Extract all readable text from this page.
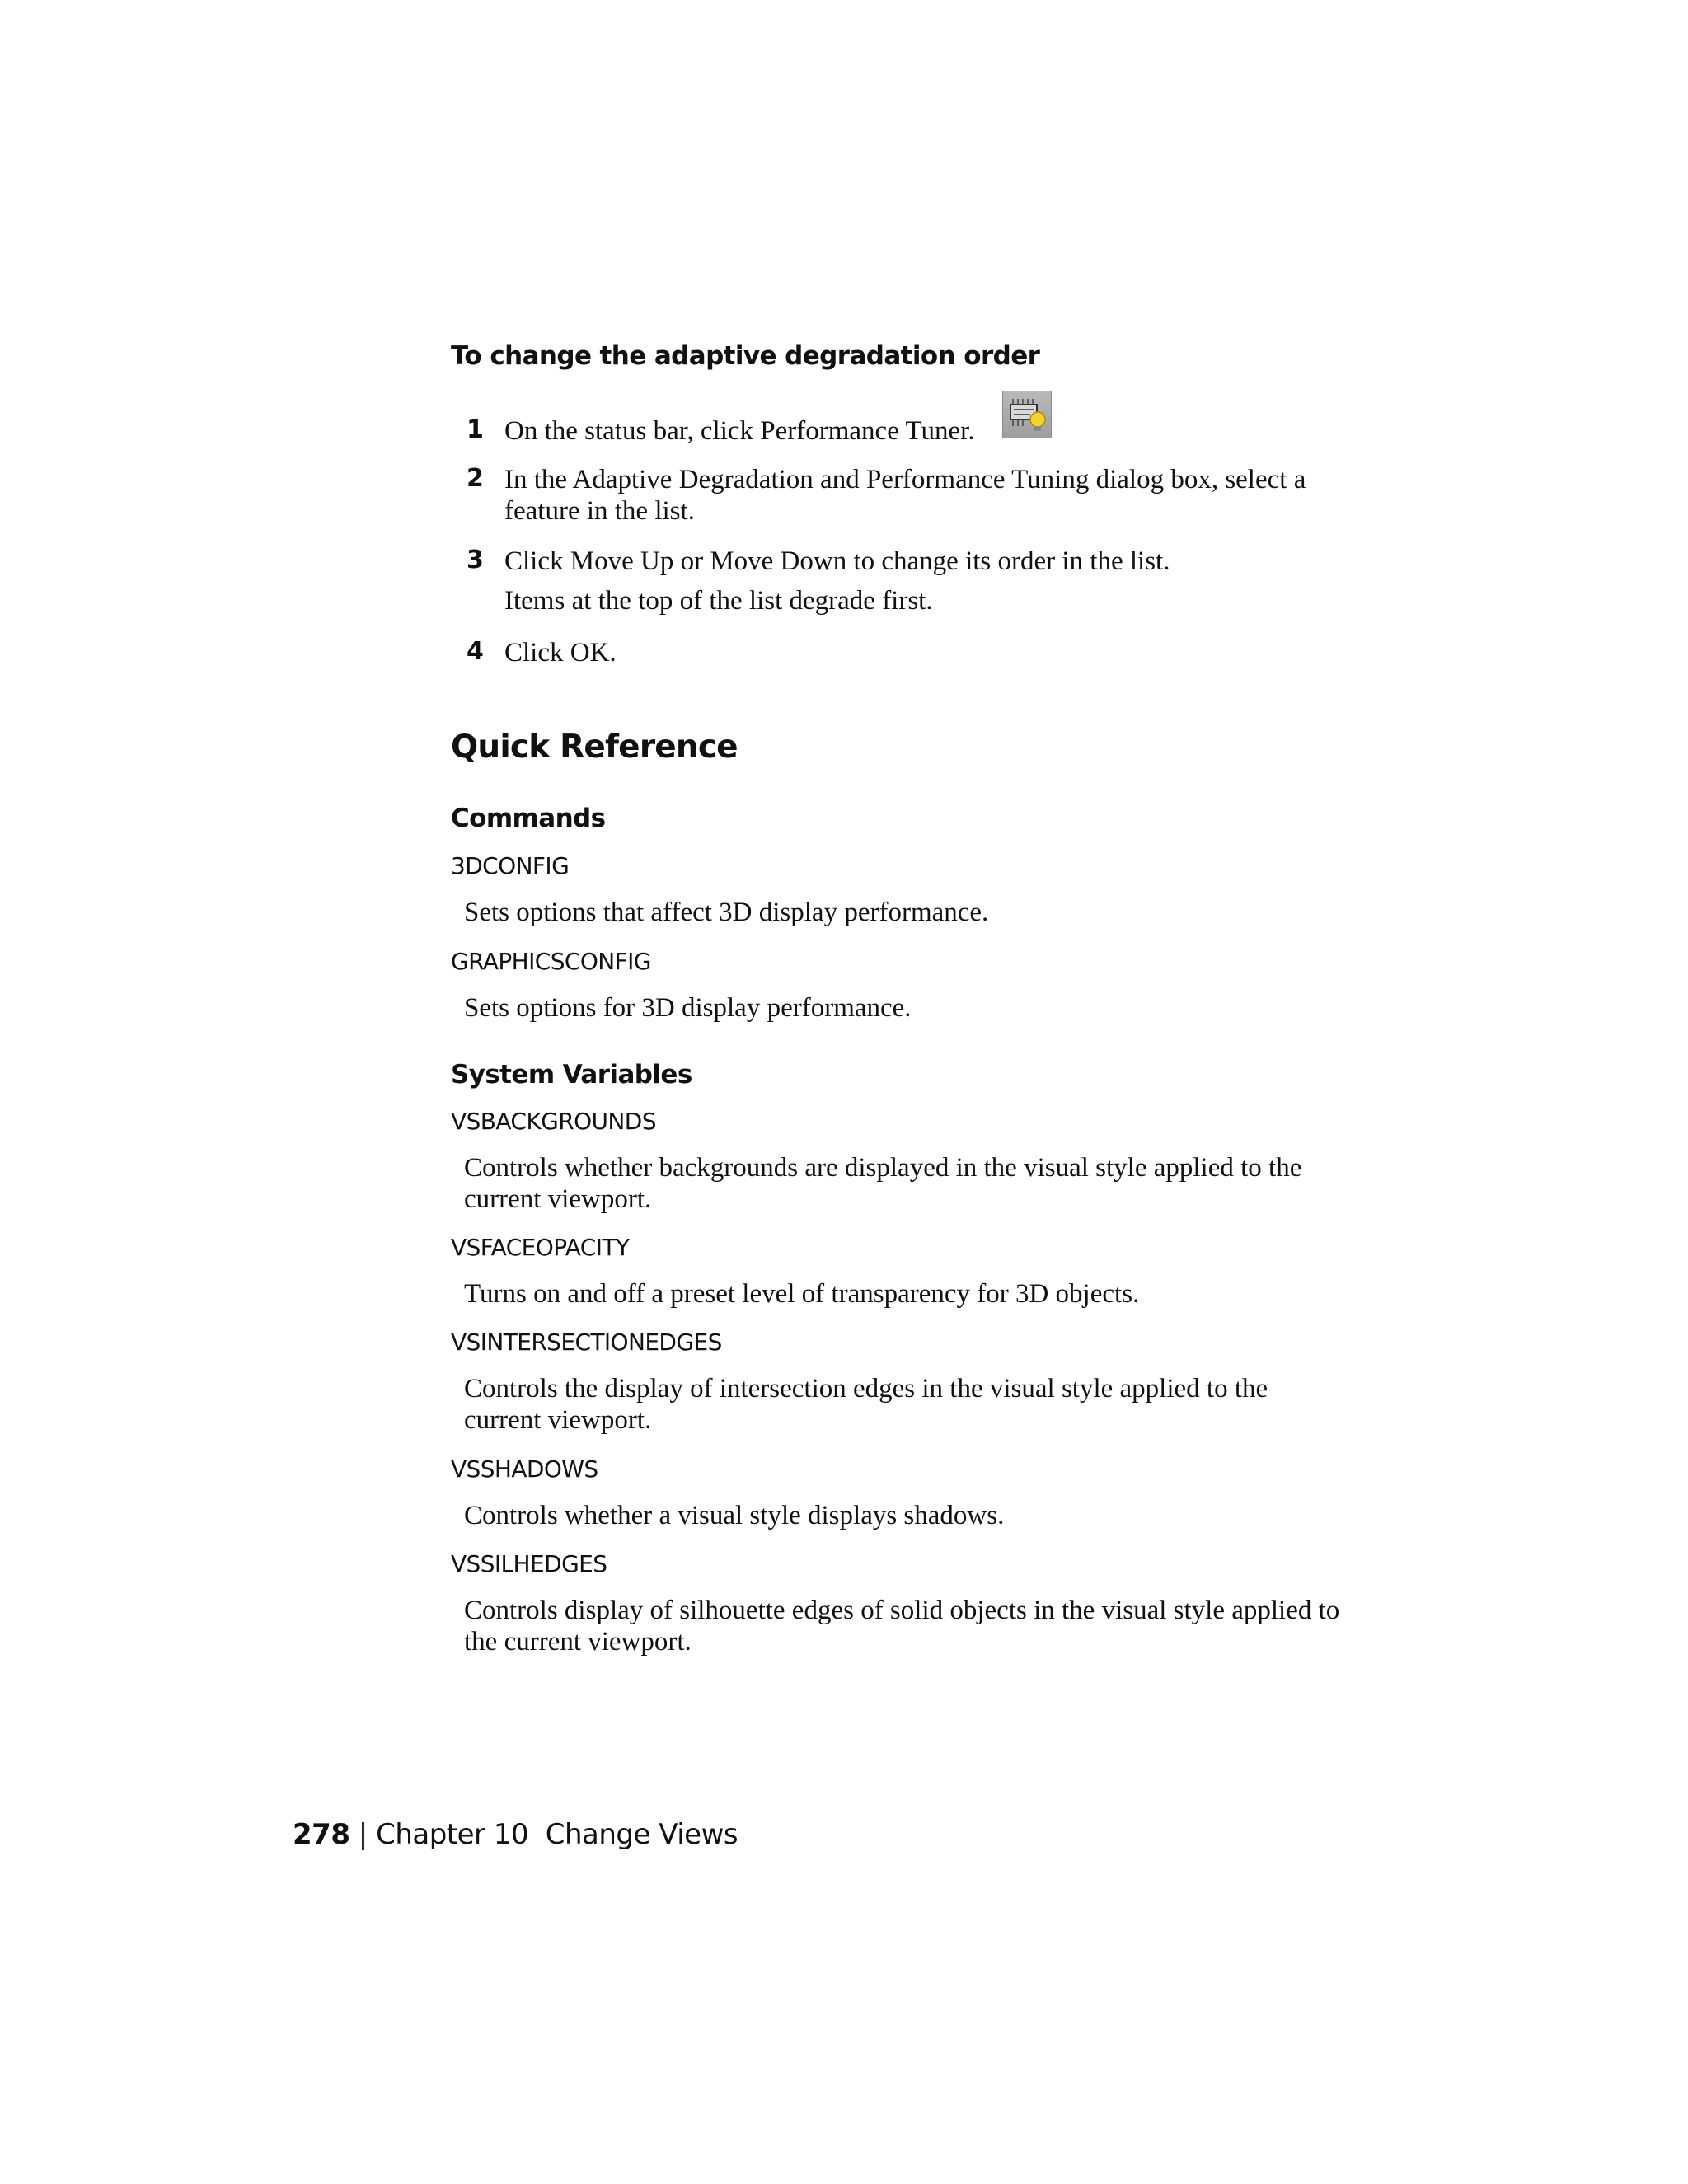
To change the adaptive degradation order
1 On the status bar, click Performance Tuner.
2 In the Adaptive Degradation and Performance Tuning dialog box, select a feature in the list.
3 Click Move Up or Move Down to change its order in the list.
Items at the top of the list degrade first.
4 Click OK.
Quick Reference
Commands
3DCONFIG
Sets options that affect 3D display performance.
GRAPHICSCONFIG
Sets options for 3D display performance.
System Variables
VSBACKGROUNDS
Controls whether backgrounds are displayed in the visual style applied to the current viewport.
VSFACEOPACITY
Turns on and off a preset level of transparency for 3D objects.
VSINTERSECTIONEDGES
Controls the display of intersection edges in the visual style applied to the current viewport.
VSSHADOWS
Controls whether a visual style displays shadows.
VSSILHEDGES
Controls display of silhouette edges of solid objects in the visual style applied to the current viewport.
278 | Chapter 10 Change Views
